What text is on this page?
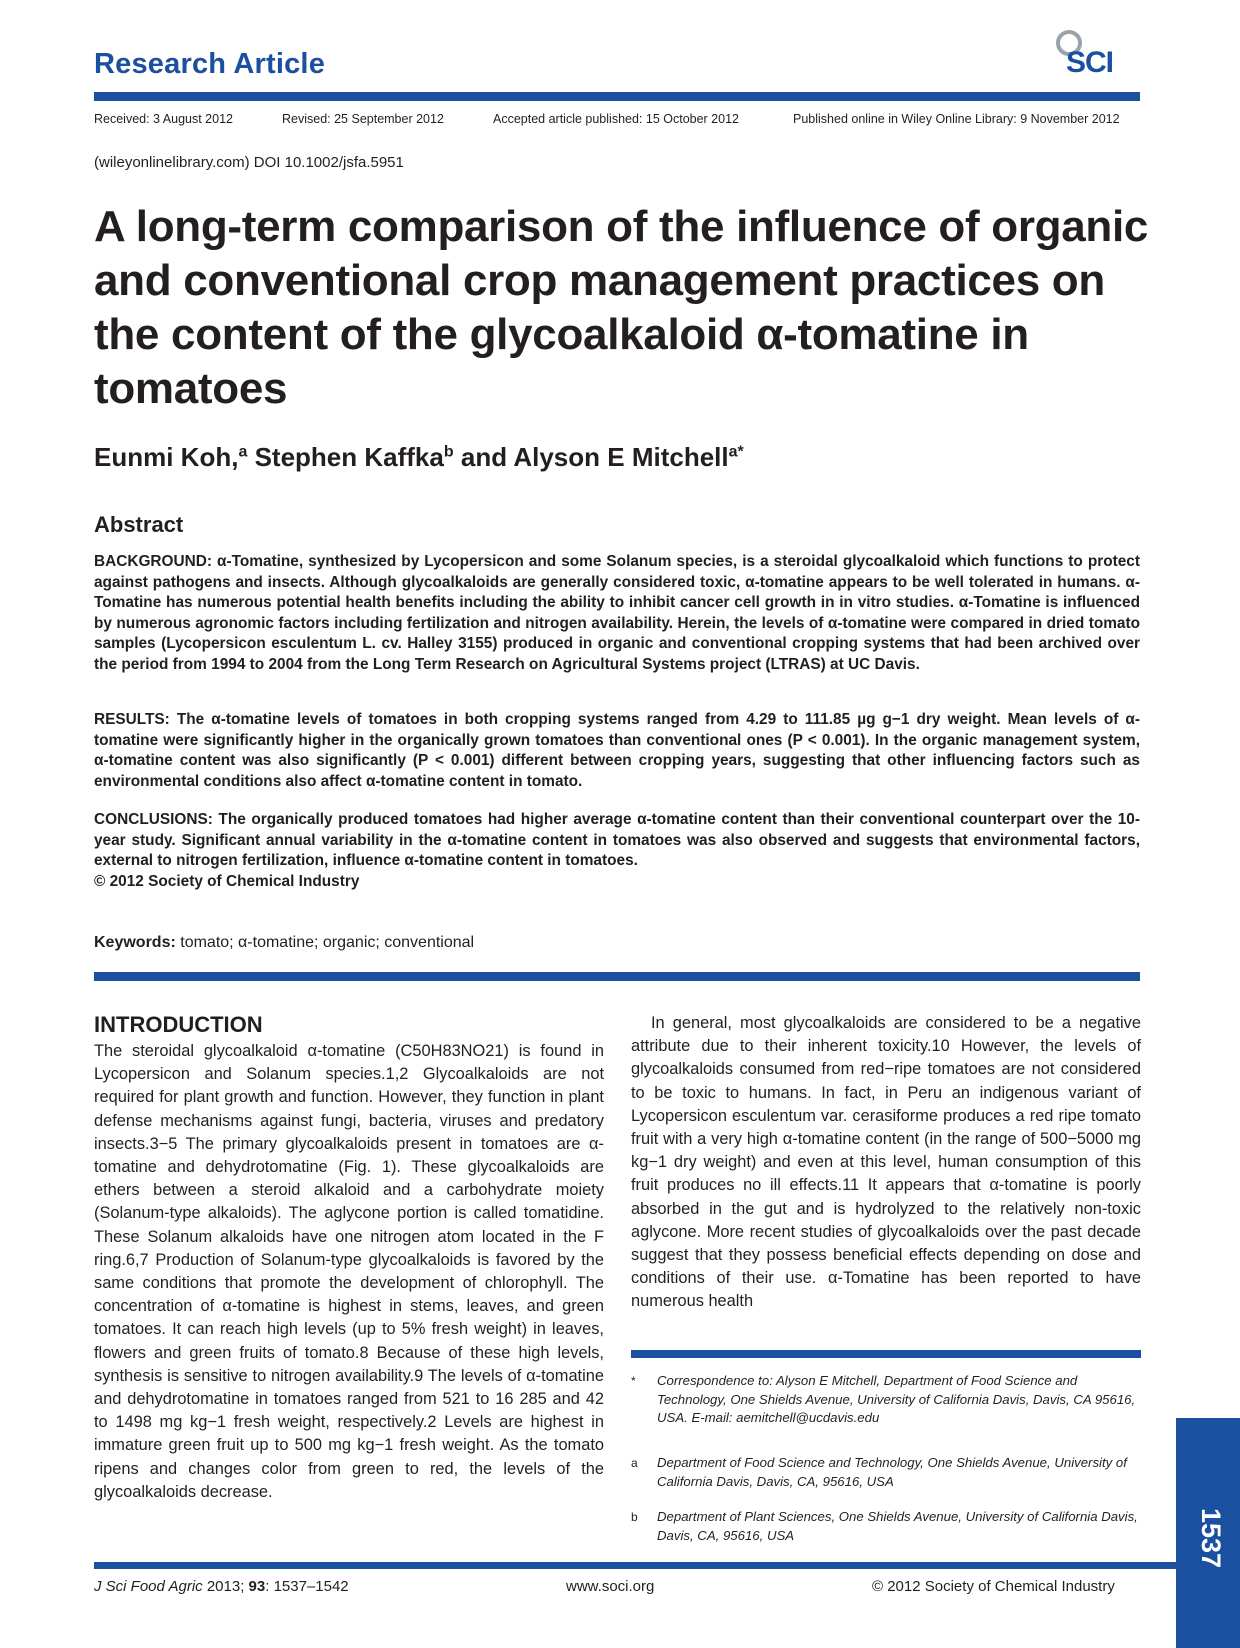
Research Article	SCI
Received: 3 August 2012	Revised: 25 September 2012	Accepted article published: 15 October 2012	Published online in Wiley Online Library: 9 November 2012
(wileyonlinelibrary.com) DOI 10.1002/jsfa.5951
A long-term comparison of the influence of organic and conventional crop management practices on the content of the glycoalkaloid α-tomatine in tomatoes
Eunmi Koh,$^a$ Stephen Kaffka$^b$ and Alyson E Mitchell$^{a*}$
Abstract
BACKGROUND: α-Tomatine, synthesized by Lycopersicon and some Solanum species, is a steroidal glycoalkaloid which functions to protect against pathogens and insects. Although glycoalkaloids are generally considered toxic, α-tomatine appears to be well tolerated in humans. α-Tomatine has numerous potential health benefits including the ability to inhibit cancer cell growth in in vitro studies. α-Tomatine is influenced by numerous agronomic factors including fertilization and nitrogen availability. Herein, the levels of α-tomatine were compared in dried tomato samples (Lycopersicon esculentum L. cv. Halley 3155) produced in organic and conventional cropping systems that had been archived over the period from 1994 to 2004 from the Long Term Research on Agricultural Systems project (LTRAS) at UC Davis.
RESULTS: The α-tomatine levels of tomatoes in both cropping systems ranged from 4.29 to 111.85 µg g−1 dry weight. Mean levels of α-tomatine were significantly higher in the organically grown tomatoes than conventional ones (P < 0.001). In the organic management system, α-tomatine content was also significantly (P < 0.001) different between cropping years, suggesting that other influencing factors such as environmental conditions also affect α-tomatine content in tomato.
CONCLUSIONS: The organically produced tomatoes had higher average α-tomatine content than their conventional counterpart over the 10-year study. Significant annual variability in the α-tomatine content in tomatoes was also observed and suggests that environmental factors, external to nitrogen fertilization, influence α-tomatine content in tomatoes.
© 2012 Society of Chemical Industry
Keywords: tomato; α-tomatine; organic; conventional
INTRODUCTION
The steroidal glycoalkaloid α-tomatine (C50H83NO21) is found in Lycopersicon and Solanum species.1,2 Glycoalkaloids are not required for plant growth and function. However, they function in plant defense mechanisms against fungi, bacteria, viruses and predatory insects.3−5 The primary glycoalkaloids present in tomatoes are α-tomatine and dehydrotomatine (Fig. 1). These glycoalkaloids are ethers between a steroid alkaloid and a carbohydrate moiety (Solanum-type alkaloids). The aglycone portion is called tomatidine. These Solanum alkaloids have one nitrogen atom located in the F ring.6,7 Production of Solanum-type glycoalkaloids is favored by the same conditions that promote the development of chlorophyll. The concentration of α-tomatine is highest in stems, leaves, and green tomatoes. It can reach high levels (up to 5% fresh weight) in leaves, flowers and green fruits of tomato.8 Because of these high levels, synthesis is sensitive to nitrogen availability.9 The levels of α-tomatine and dehydrotomatine in tomatoes ranged from 521 to 16 285 and 42 to 1498 mg kg−1 fresh weight, respectively.2 Levels are highest in immature green fruit up to 500 mg kg−1 fresh weight. As the tomato ripens and changes color from green to red, the levels of the glycoalkaloids decrease.
In general, most glycoalkaloids are considered to be a negative attribute due to their inherent toxicity.10 However, the levels of glycoalkaloids consumed from red−ripe tomatoes are not considered to be toxic to humans. In fact, in Peru an indigenous variant of Lycopersicon esculentum var. cerasiforme produces a red ripe tomato fruit with a very high α-tomatine content (in the range of 500−5000 mg kg−1 dry weight) and even at this level, human consumption of this fruit produces no ill effects.11 It appears that α-tomatine is poorly absorbed in the gut and is hydrolyzed to the relatively non-toxic aglycone. More recent studies of glycoalkaloids over the past decade suggest that they possess beneficial effects depending on dose and conditions of their use. α-Tomatine has been reported to have numerous health
* Correspondence to: Alyson E Mitchell, Department of Food Science and Technology, One Shields Avenue, University of California Davis, Davis, CA 95616, USA. E-mail: aemitchell@ucdavis.edu
a Department of Food Science and Technology, One Shields Avenue, University of California Davis, Davis, CA, 95616, USA
b Department of Plant Sciences, One Shields Avenue, University of California Davis, Davis, CA, 95616, USA
J Sci Food Agric 2013; 93: 1537–1542	www.soci.org	© 2012 Society of Chemical Industry
1537
